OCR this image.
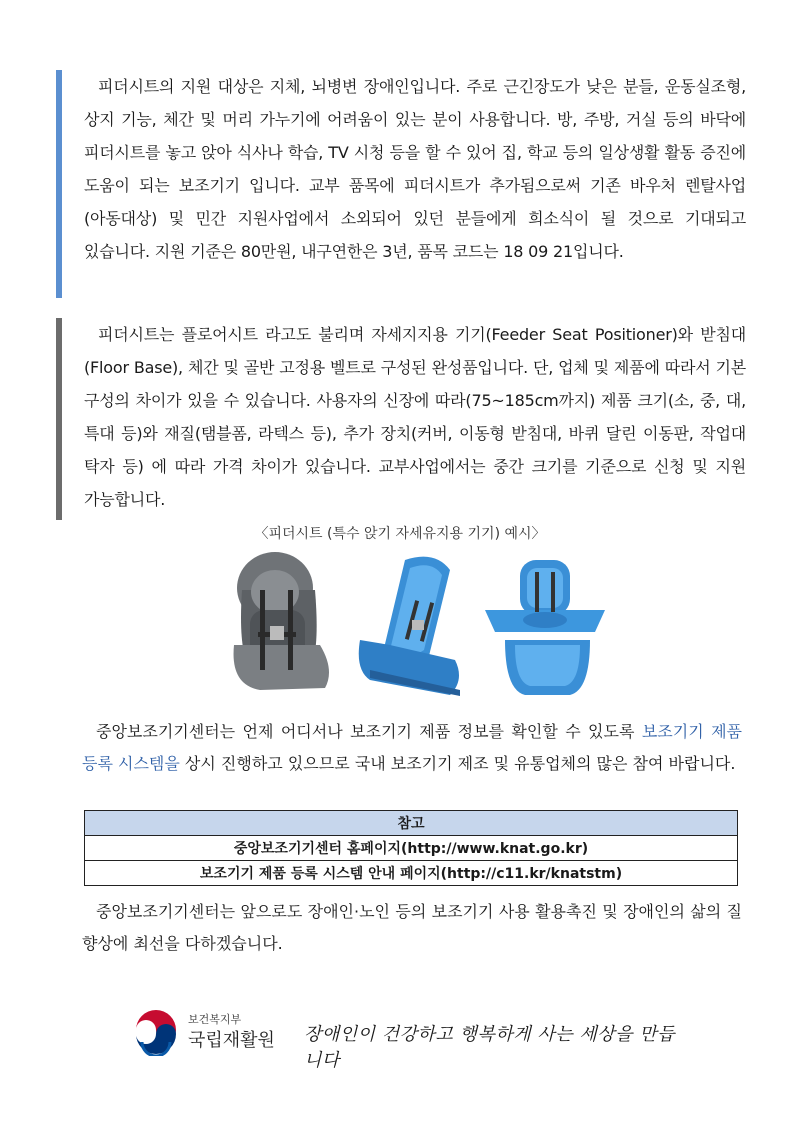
피더시트의 지원 대상은 지체, 뇌병변 장애인입니다. 주로 근긴장도가 낮은 분들, 운동실조형, 상지 기능, 체간 및 머리 가누기에 어려움이 있는 분이 사용합니다. 방, 주방, 거실 등의 바닥에 피더시트를 놓고 앉아 식사나 학습, TV 시청 등을 할 수 있어 집, 학교 등의 일상생활 활동 증진에 도움이 되는 보조기기 입니다. 교부 품목에 피더시트가 추가됨으로써 기존 바우처 렌탈사업(아동대상) 및 민간 지원사업에서 소외되어 있던 분들에게 희소식이 될 것으로 기대되고 있습니다. 지원 기준은 80만원, 내구연한은 3년, 품목 코드는 18 09 21입니다.

피더시트는 플로어시트 라고도 불리며 자세지지용 기기(Feeder Seat Positioner)와 받침대(Floor Base), 체간 및 골반 고정용 벨트로 구성된 완성품입니다. 단, 업체 및 제품에 따라서 기본 구성의 차이가 있을 수 있습니다. 사용자의 신장에 따라(75~185cm까지) 제품 크기(소, 중, 대, 특대 등)와 재질(탬블폼, 라텍스 등), 추가 장치(커버, 이동형 받침대, 바퀴 달린 이동판, 작업대 탁자 등) 에 따라 가격 차이가 있습니다. 교부사업에서는 중간 크기를 기준으로 신청 및 지원 가능합니다.

〈피더시트 (특수 앉기 자세유지용 기기) 예시〉

중앙보조기기센터는 언제 어디서나 보조기기 제품 정보를 확인할 수 있도록 보조기기 제품 등록 시스템을 상시 진행하고 있으므로 국내 보조기기 제조 및 유통업체의 많은 참여 바랍니다.

참고
중앙보조기기센터 홈페이지(http://www.knat.go.kr)
보조기기 제품 등록 시스템 안내 페이지(http://c11.kr/knatstm)

중앙보조기기센터는 앞으로도 장애인·노인 등의 보조기기 사용 활용촉진 및 장애인의 삶의 질 향상에 최선을 다하겠습니다.

보건복지부
국립재활원 장애인이 건강하고 행복하게 사는 세상을 만듭니다
